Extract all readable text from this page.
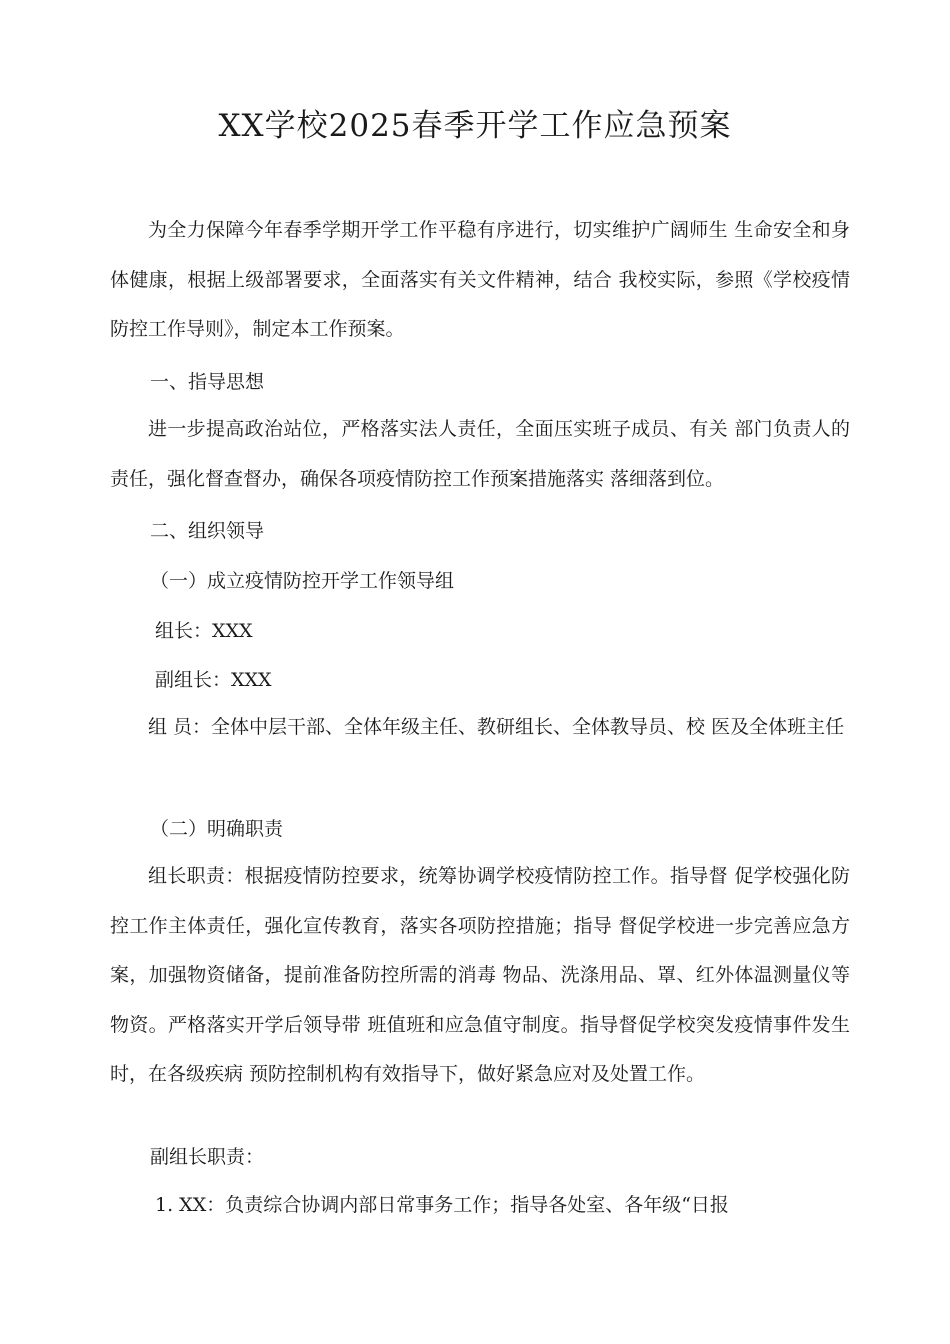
XX学校2025春季开学工作应急预案

为全力保障今年春季学期开学工作平稳有序进行，切实维护广阔师生 生命安全和身体健康，根据上级部署要求，全面落实有关文件精神，结合 我校实际，参照《学校疫情防控工作导则》，制定本工作预案。

一、指导思想

进一步提高政治站位，严格落实法人责任，全面压实班子成员、有关 部门负责人的责任，强化督查督办，确保各项疫情防控工作预案措施落实 落细落到位。

二、组织领导

（一）成立疫情防控开学工作领导组

组长：XXX

副组长：XXX

组 员：全体中层干部、全体年级主任、教研组长、全体教导员、校 医及全体班主任

（二）明确职责

组长职责：根据疫情防控要求，统筹协调学校疫情防控工作。指导督 促学校强化防控工作主体责任，强化宣传教育，落实各项防控措施；指导 督促学校进一步完善应急方案，加强物资储备，提前准备防控所需的消毒 物品、洗涤用品、罩、红外体温测量仪等物资。严格落实开学后领导带 班值班和应急值守制度。指导督促学校突发疫情事件发生时，在各级疾病 预防控制机构有效指导下，做好紧急应对及处置工作。

副组长职责：

1. XX：负责综合协调内部日常事务工作；指导各处室、各年级“日报
